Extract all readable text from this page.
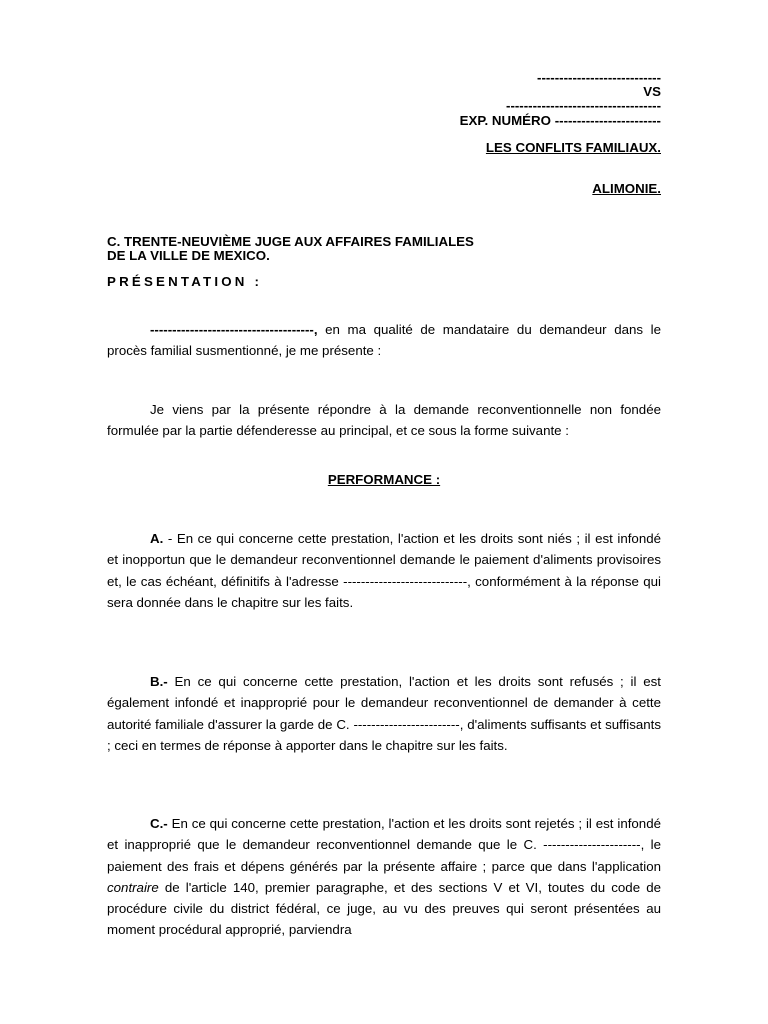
----------------------------
VS
-----------------------------------
EXP. NUMÉRO ------------------------
LES CONFLITS FAMILIAUX.
ALIMONIE.
C. TRENTE-NEUVIÈME JUGE AUX AFFAIRES FAMILIALES
DE LA VILLE DE MEXICO.
PRÉSENTATION :

-------------------------------------, en ma qualité de mandataire du demandeur dans le procès familial susmentionné, je me présente :

Je viens par la présente répondre à la demande reconventionnelle non fondée formulée par la partie défenderesse au principal, et ce sous la forme suivante :

PERFORMANCE :

A. - En ce qui concerne cette prestation, l'action et les droits sont niés ; il est infondé et inopportun que le demandeur reconventionnel demande le paiement d'aliments provisoires et, le cas échéant, définitifs à l'adresse ----------------------------, conformément à la réponse qui sera donnée dans le chapitre sur les faits.

B.- En ce qui concerne cette prestation, l'action et les droits sont refusés ; il est également infondé et inapproprié pour le demandeur reconventionnel de demander à cette autorité familiale d'assurer la garde de C. ------------------------, d'aliments suffisants et suffisants ; ceci en termes de réponse à apporter dans le chapitre sur les faits.

C.- En ce qui concerne cette prestation, l'action et les droits sont rejetés ; il est infondé et inapproprié que le demandeur reconventionnel demande que le C. ----------------------, le paiement des frais et dépens générés par la présente affaire ; parce que dans l'application contraire de l'article 140, premier paragraphe, et des sections V et VI, toutes du code de procédure civile du district fédéral, ce juge, au vu des preuves qui seront présentées au moment procédural approprié, parviendra
